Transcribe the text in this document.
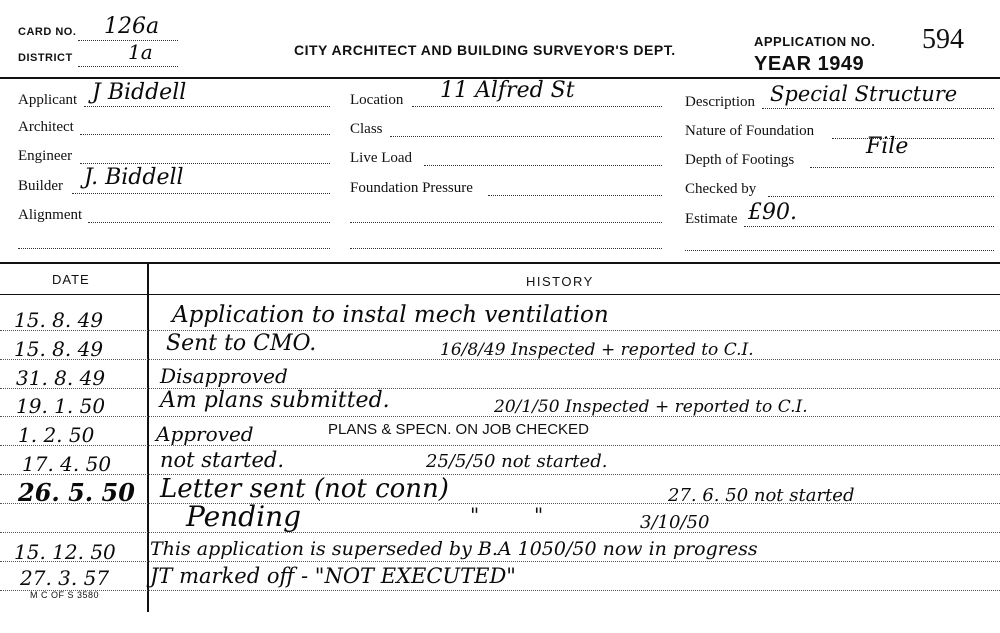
CARD NO. 126a
DISTRICT	1a	CITY ARCHITECT AND BUILDING SURVEYOR'S DEPT.
APPLICATION NO. 594
YEAR 1949
Applicant J Biddell
Architect
Engineer
Builder J. Biddell
Alignment
Location 11 Alfred St
Class
Live Load
Foundation Pressure
Description Special Structure
Nature of Foundation
Depth of Footings
File
Checked by
Estimate £90.
DATE	HISTORY
15. 8. 49	Application to instal mech ventilation
15. 8. 49	Sent to CMO.	16/8/49 Inspected + reported to C.I.
31. 8. 49	Disapproved
19. 1. 50 Am plans submitted.	20/1/50 Inspected + reported to C.I.
1. 2. 50	Approved	PLANS & SPECN. ON JOB CHECKED
17. 4. 50 not started.	25/5/50 not started.
26. 5. 50 Letter sent (not conn)	27. 6. 50 not started
Pending	"	"	3/10/50
15. 12. 50 This application is superseded by B.A 1050/50 now in progress
27. 3. 57 JT marked off - "NOT EXECUTED"
M C OF S 3580
